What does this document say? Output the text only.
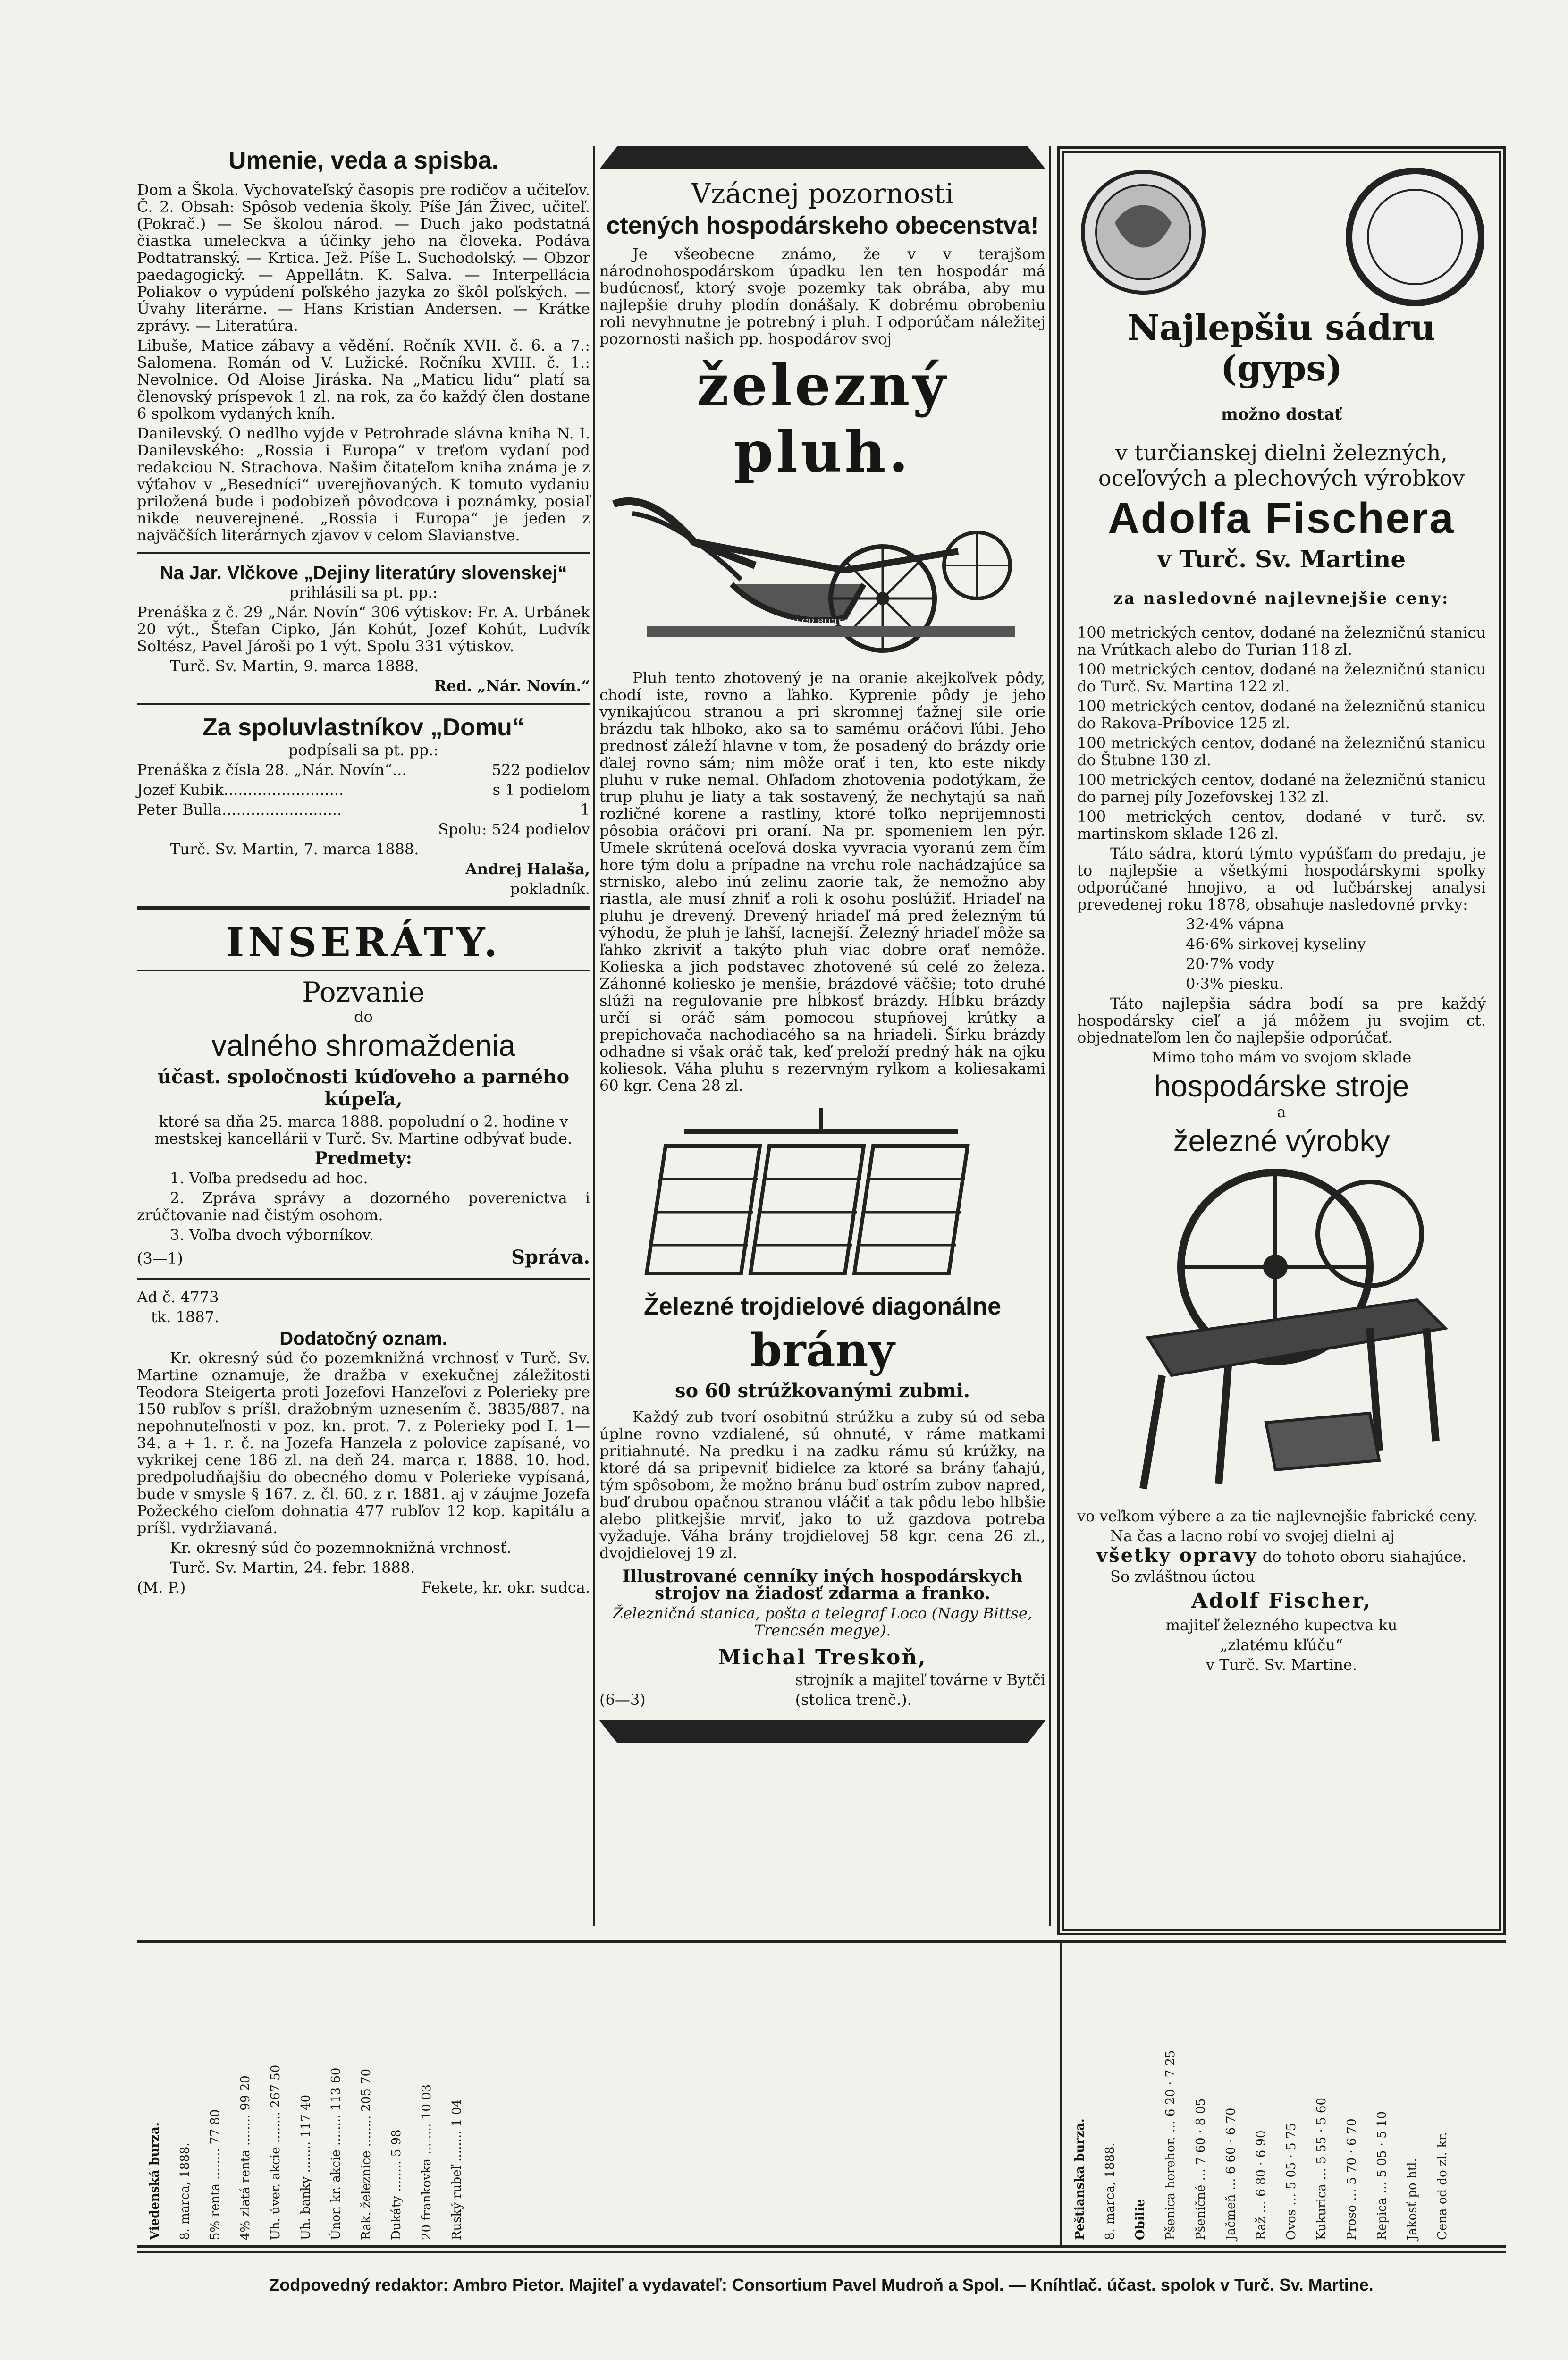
Umenie, veda a spisba.

Dom a Škola. Vychovateľský časopis pre rodičov a učiteľov. Č. 2. Obsah: Spôsob vedenia školy. Píše Ján Živec, učiteľ. (Pokrač.) — Se školou národ. — Duch jako podstatná čiastka umeleckva a účinky jeho na človeka. Podáva Podtatranský. — Krtica. Jež. Píše L. Suchodolský. — Obzor paedagogický. — Appellátn. K. Salva. — Interpellácia Poliakov o vypúdení poľského jazyka zo škôl poľských. — Úvahy literárne. — Hans Kristian Andersen. — Krátke zprávy. — Literatúra.

Libuše, Matice zábavy a vědění. Ročník XVII. č. 6. a 7.: Salomena. Román od V. Lužické. Ročníku XVIII. č. 1.: Nevolnice. Od Aloise Jiráska. Na „Maticu lidu“ platí sa členovský príspevok 1 zl. na rok, za čo každý člen dostane 6 spolkom vydaných kníh.

Danilevský. O nedlho vyjde v Petrohrade slávna kniha N. I. Danilevského: „Rossia i Europa“ v treťom vydaní pod redakciou N. Strachova. Našim čitateľom kniha známa je z výťahov v „Besedníci“ uverejňovaných. K tomuto vydaniu priložená bude i podobizeň pôvodcova i poznámky, posiaľ nikde neuverejnené. „Rossia i Europa“ je jeden z najväčších literárnych zjavov v celom Slavianstve.

Na Jar. Vlčkove „Dejiny literatúry slovenskej“

prihlásili sa pt. pp.:

Prenáška z č. 29 „Nár. Novín“ 306 výtiskov: Fr. A. Urbánek 20 výt., Štefan Cipko, Ján Kohút, Jozef Kohút, Ludvík Soltész, Pavel Jároši po 1 výt. Spolu 331 výtiskov.

Turč. Sv. Martin, 9. marca 1888.

Red. „Nár. Novín.“

Za spoluvlastníkov „Domu“

podpísali sa pt. pp.:

Prenáška z čísla 28. „Nár. Novín“...	522 podielov
Jozef Kubik.........................	s 1 podielom
Peter Bulla.........................	1

Spolu: 524 podielov

Turč. Sv. Martin, 7. marca 1888.

Andrej Halaša,

pokladník.

INSERÁTY.

Pozvanie

do

valného shromaždenia

účast. spoločnosti kúďoveho a parného kúpeľa,

ktoré sa dňa 25. marca 1888. popoludní o 2. hodine v mestskej kancellárii v Turč. Sv. Martine odbývať bude.

Predmety:

1. Voľba predsedu ad hoc.

2. Zpráva správy a dozorného poverenictva i zrúčtovanie nad čistým osohom.

3. Voľba dvoch výborníkov.

(3—1)	Správa.

Ad č. 4773

tk. 1887.

Dodatočný oznam.

Kr. okresný súd čo pozemknižná vrchnosť v Turč. Sv. Martine oznamuje, že dražba v exekučnej záležitosti Teodora Steigerta proti Jozefovi Hanzeľovi z Polerieky pre 150 rubľov s príšl. dražobným uznesením č. 3835/887. na nepohnuteľnosti v poz. kn. prot. 7. z Polerieky pod I. 1—34. a + 1. r. č. na Jozefa Hanzela z polovice zapísané, vo vykrikej cene 186 zl. na deň 24. marca r. 1888. 10. hod. predpoludňajšiu do obecného domu v Polerieke vypísaná, bude v smysle § 167. z. čl. 60. z r. 1881. aj v záujme Jozefa Požeckého cieľom dohnatia 477 rubľov 12 kop. kapitálu a príšl. vydržiavaná.

Kr. okresný súd čo pozemnoknižná vrchnosť.

Turč. Sv. Martin, 24. febr. 1888.

(M. P.)	Fekete, kr. okr. sudca.

Vzácnej pozornosti

ctených hospodárskeho obecenstva!

Je všeobecne známo, že v v terajšom národnohospodárskom úpadku len ten hospodár má budúcnosť, ktorý svoje pozemky tak obrába, aby mu najlepšie druhy plodín donášaly. K dobrému obrobeniu roli nevyhnutne je potrebný i pluh. I odporúčam náležitej pozornosti našich pp. hospodárov svoj

železný pluh.

MICH TRESKONI GR BITTSE

Pluh tento zhotovený je na oranie akejkoľvek pôdy, chodí iste, rovno a ľahko. Kyprenie pôdy je jeho vynikajúcou stranou a pri skromnej ťažnej sile orie brázdu tak hlboko, ako sa to samému oráčovi ľúbi. Jeho prednosť záleží hlavne v tom, že posadený do brázdy orie ďalej rovno sám; nim môže orať i ten, kto este nikdy pluhu v ruke nemal. Ohľadom zhotovenia podotýkam, že trup pluhu je liaty a tak sostavený, že nechytajú sa naň rozličné korene a rastliny, ktoré toľko neprijemnosti pôsobia oráčovi pri oraní. Na pr. spomeniem len pýr. Umele skrútená oceľová doska vyvracia vyoranú zem čím hore tým dolu a prípadne na vrchu role nachádzajúce sa strnisko, alebo inú zelinu zaorie tak, že nemožno aby riastla, ale musí zhniť a roli k osohu poslúžiť. Hriadeľ na pluhu je drevený. Drevený hriadeľ má pred železným tú výhodu, že pluh je ľahší, lacnejší. Železný hriadeľ môže sa ľahko zkriviť a takýto pluh viac dobre orať nemôže. Kolieska a jich podstavec zhotovené sú celé zo železa. Záhonné koliesko je menšie, brázdové väčšie; toto druhé slúži na regulovanie pre hĺbkosť brázdy. Hĺbku brázdy určí si oráč sám pomocou stupňovej krútky a prepichovača nachodiacého sa na hriadeli. Šírku brázdy odhadne si však oráč tak, keď preloží predný hák na ojku koliesok. Váha pluhu s rezervným rylkom a koliesakami 60 kgr. Cena 28 zl.

Železné trojdielové diagonálne

brány

so 60 strúžkovanými zubmi.

Každý zub tvorí osobitnú strúžku a zuby sú od seba úplne rovno vzdialené, sú ohnuté, v ráme matkami pritiahnuté. Na predku i na zadku rámu sú krúžky, na ktoré dá sa pripevniť bidielce za ktoré sa brány ťahajú, tým spôsobom, že možno bránu buď ostrím zubov napred, buď drubou opačnou stranou vláčiť a tak pôdu lebo hlbšie alebo plitkejšie mrviť, jako to už gazdova potreba vyžaduje. Váha brány trojdielovej 58 kgr. cena 26 zl., dvojdielovej 19 zl.

Illustrované cenníky iných hospodárskych strojov na žiadosť zdarma a franko.

Železničná stanica, pošta a telegraf Loco (Nagy Bittse, Trencsén megye).

Michal Treskoň,

(6—3)

strojník a majiteľ továrne v Bytči

(stolica trenč.).

Najlepšiu sádru (gyps)

možno dostať

v turčianskej dielni železných, oceľových a plechových výrobkov

Adolfa Fischera

v Turč. Sv. Martine

za nasledovné najlevnejšie ceny:

100 metrických centov, dodané na železničnú stanicu na Vrútkach alebo do Turian 118 zl.

100 metrických centov, dodané na železničnú stanicu do Turč. Sv. Martina 122 zl.

100 metrických centov, dodané na železničnú stanicu do Rakova-Príbovice 125 zl.

100 metrických centov, dodané na železničnú stanicu do Štubne 130 zl.

100 metrických centov, dodané na železničnú stanicu do parnej píly Jozefovskej 132 zl.

100 metrických centov, dodané v turč. sv. martinskom sklade 126 zl.

Táto sádra, ktorú týmto vypúšťam do predaju, je to najlepšie a všetkými hospodárskymi spolky odporúčané hnojivo, a od lučbárskej analysi prevedenej roku 1878, obsahuje nasledovné prvky:

32·4% vápna

46·6% sirkovej kyseliny

20·7% vody

0·3% piesku.

Táto najlepšia sádra bodí sa pre každý hospodársky cieľ a já môžem ju svojim ct. objednateľom len čo najlepšie odporúčať.

Mimo toho mám vo svojom sklade

hospodárske stroje

a

železné výrobky

vo veľkom výbere a za tie najlevnejšie fabrické ceny.

Na čas a lacno robí vo svojej dielni aj

všetky opravy do tohoto oboru siahajúce.

So zvláštnou úctou

Adolf Fischer,

majiteľ železného kupectva ku

„zlatému kľúču“

v Turč. Sv. Martine.

Viedenská burza. 8. marca, 1888. 5% renta ........ 77 80
4% zlatá renta ........ 99 20
Uh. úver. akcie ........ 267 50
Uh. banky ........ 117 40
Únor. kr. akcie ........ 113 60
Rak. železnice ........ 205 70
Dukáty ........ 5 98
20 frankovka ........ 10 03
Ruský rubeľ ........ 1 04
Peštianska burza. 8. marca, 1888. Obilie Pšenica horehor. … 6 20 · 7 25
Pšeničné … 7 60 · 8 05
Jačmeň … 6 60 · 6 70
Raž … 6 80 · 6 90
Ovos … 5 05 · 5 75
Kukurica … 5 55 · 5 60
Proso … 5 70 · 6 70
Repica … 5 05 · 5 10
Jakosť po htl. Cena od do zl. kr.
Zodpovedný redaktor: Ambro Pietor. Majiteľ a vydavateľ: Consortium Pavel Mudroň a Spol. — Kníhtlač. účast. spolok v Turč. Sv. Martine.
